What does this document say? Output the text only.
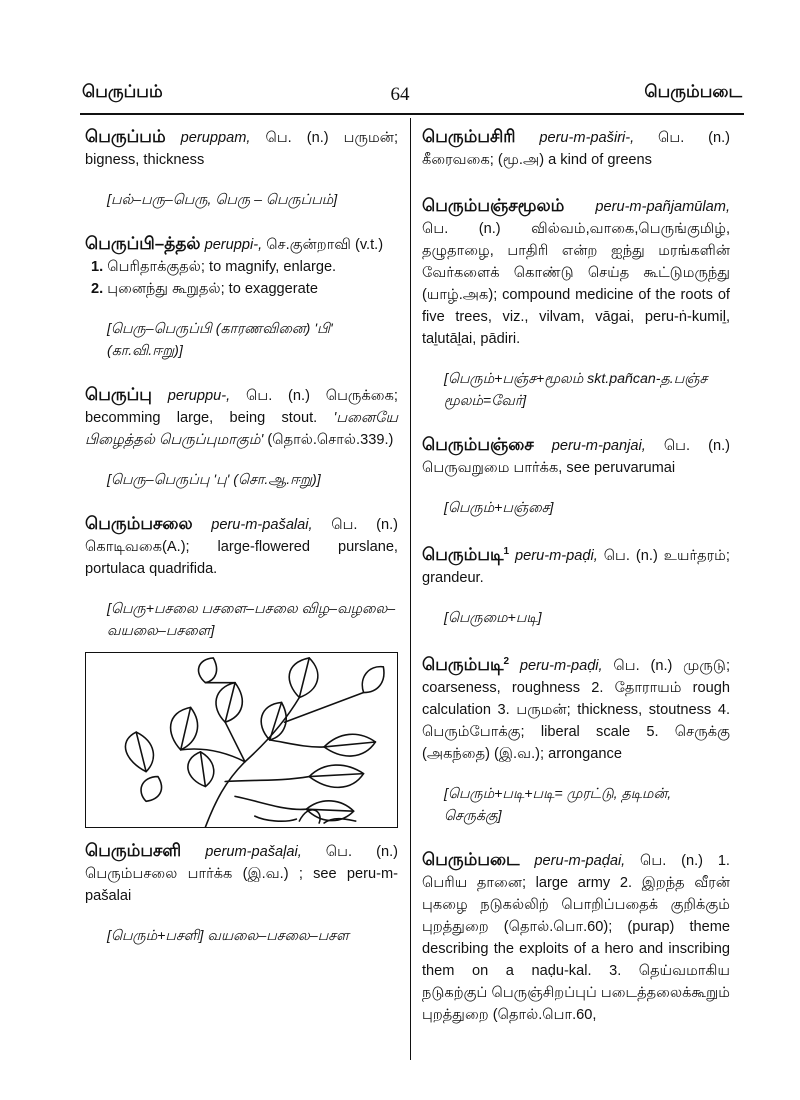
பெருப்பம்	64	பெரும்படை
பெருப்பம் peruppam, பெ. (n.) பருமன்; bigness, thickness
[பல்–பரு–பெரு, பெரு – பெருப்பம்]
பெருப்பி–த்தல் peruppi-, செ.குன்றாவி (v.t.)
1. பெரிதாக்குதல்; to magnify, enlarge.
2. புனைந்து கூறுதல்; to exaggerate
[பெரு–பெருப்பி (காரணவினை) 'பி' (கா.வி.ஈறு)]
பெருப்பு peruppu-, பெ. (n.) பெருக்கை; becomming large, being stout. 'பனையே பிழைத்தல் பெருப்புமாகும்' (தொல்.சொல்.339.)
[பெரு–பெருப்பு 'பு' (சொ.ஆ.ஈறு)]
பெரும்பசலை peru-m-pašalai, பெ. (n.) கொடிவகை(A.); large-flowered purslane, portulaca quadrifida.
[பெரு+பசலை பசளை–பசலை விழ–வழலை–வயலை–பசளை]
பெரும்பசளி perum-pašaļai, பெ. (n.) பெரும்பசலை பார்க்க (இ.வ.) ; see peru-m-pašalai
[பெரும்+பசளி] வயலை–பசலை–பசள
பெரும்பசிரி peru-m-paširi-, பெ. (n.) கீரைவகை; (மூ.அ) a kind of greens
பெரும்பஞ்சமூலம் peru-m-pañjamūlam, பெ. (n.) வில்வம்,வாகை,பெருங்குமிழ், தழுதாழை, பாதிரி என்ற ஐந்து மரங்களின் வேர்களைக் கொண்டு செய்த கூட்டுமருந்து (யாழ்.அக); compound medicine of the roots of five trees, viz., vilvam, vāgai, peru-ṅ-kumiḻ, taḻutāḻai, pādiri.
[பெரும்+பஞ்ச+மூலம் skt.pañcan-த.பஞ்ச மூலம்=வேர்]
பெரும்பஞ்சை peru-m-panjai, பெ. (n.) பெருவறுமை பார்க்க, see peruvarumai
[பெரும்+பஞ்சை]
பெரும்படி$^1$ peru-m-paḍi, பெ. (n.) உயர்தரம்; grandeur.
[பெருமை+படி]
பெரும்படி$^2$ peru-m-paḍi, பெ. (n.) முருடு; coarseness, roughness 2. தோராயம் rough calculation 3. பருமன்; thickness, stoutness 4. பெரும்போக்கு; liberal scale 5. செருக்கு (அகந்தை) (இ.வ.); arrongance
[பெரும்+படி+படி= முரட்டு, தடிமன், செருக்கு]
பெரும்படை peru-m-paḍai, பெ. (n.) 1. பெரிய தானை; large army 2. இறந்த வீரன் புகழை நடுகல்லிற் பொறிப்பதைக் குறிக்கும் புறத்துறை (தொல்.பொ.60); (purap) theme describing the exploits of a hero and inscribing them on a naḍu-kal. 3. தெய்வமாகிய நடுகற்குப் பெருஞ்சிறப்புப் படைத்தலைக்கூறும் புறத்துறை (தொல்.பொ.60,
